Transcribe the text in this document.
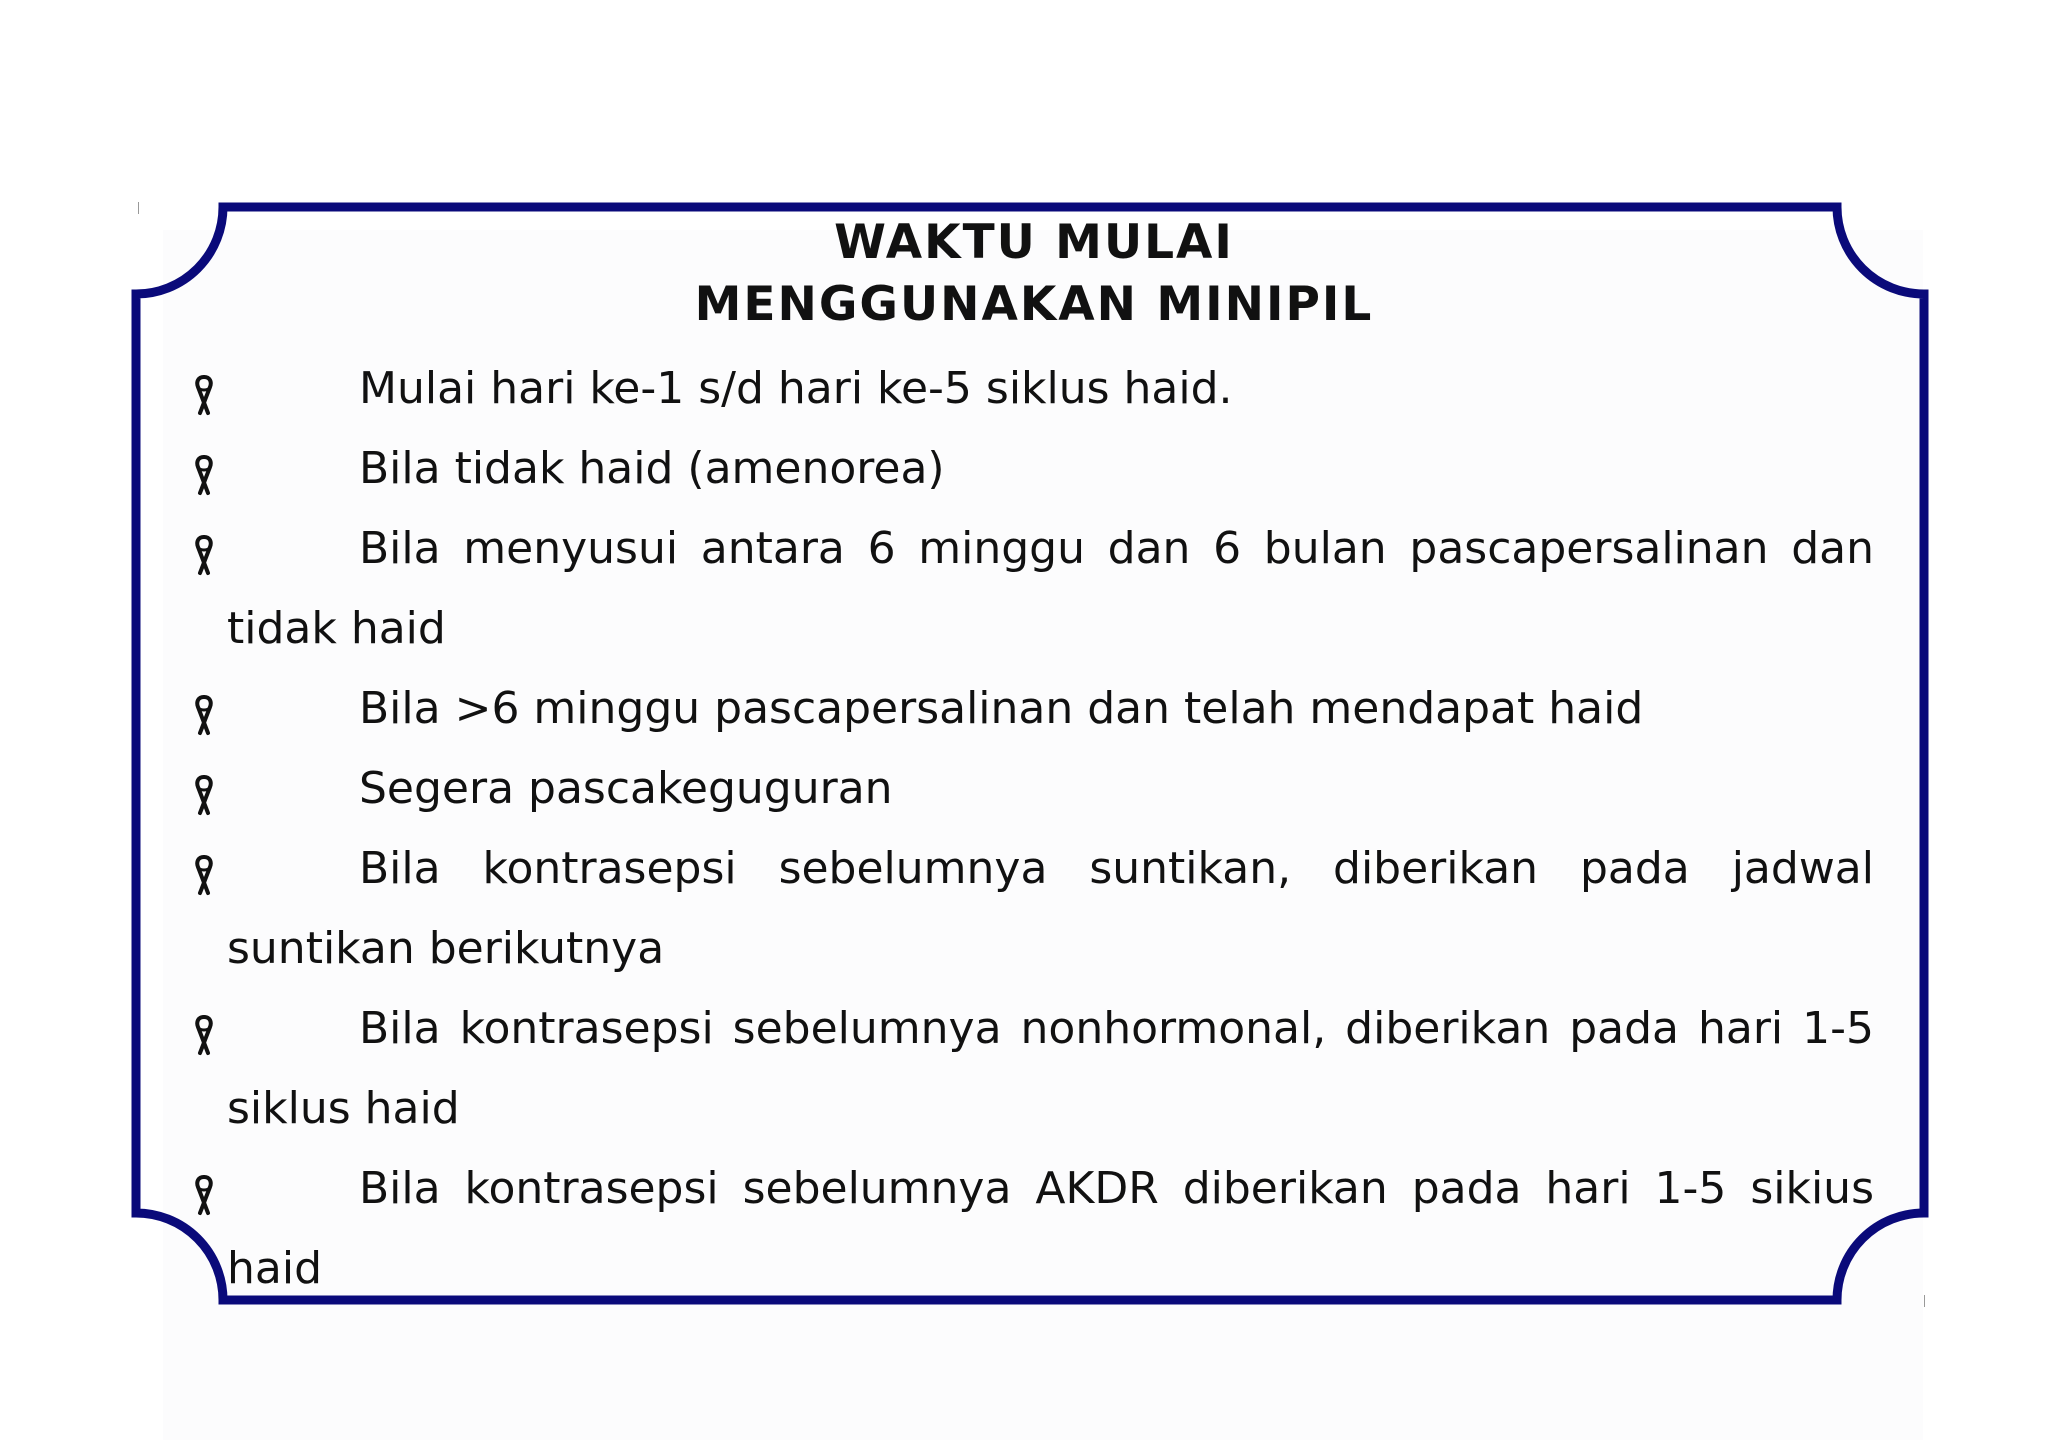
WAKTU MULAI
MENGGUNAKAN MINIPIL
Mulai hari ke-1 s/d hari ke-5 siklus haid.
Bila tidak haid (amenorea)
Bila menyusui antara 6 minggu dan 6 bulan pascapersalinan dan
tidak haid
Bila >6 minggu pascapersalinan dan telah mendapat haid
Segera pascakeguguran
Bila kontrasepsi sebelumnya suntikan, diberikan pada jadwal
suntikan berikutnya
Bila kontrasepsi sebelumnya nonhormonal, diberikan pada hari 1-5
siklus haid
Bila kontrasepsi sebelumnya AKDR diberikan pada hari 1-5 sikius
haid
